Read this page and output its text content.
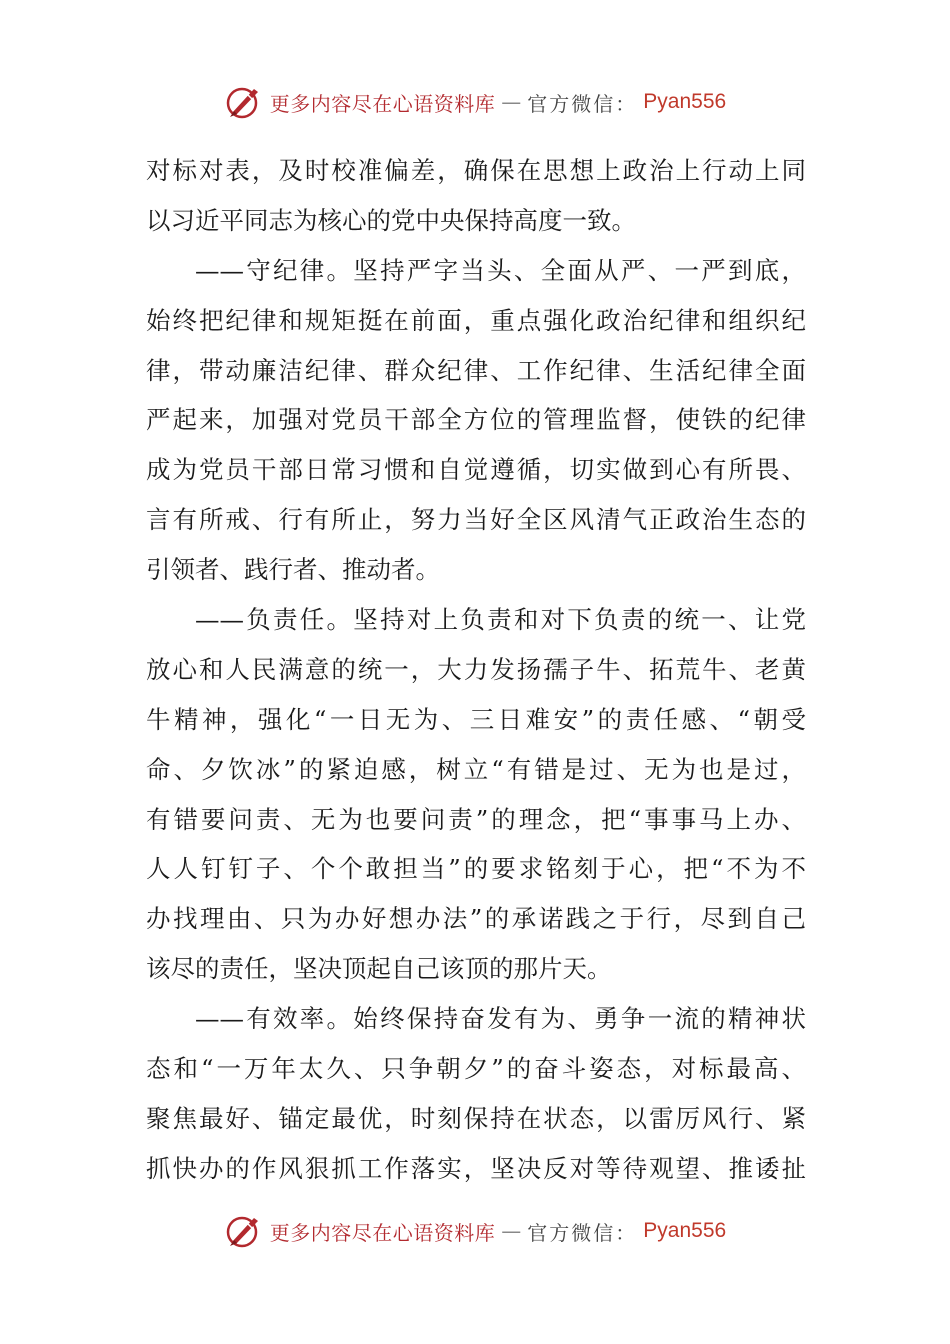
更多内容尽在心语资料库 — 官方微信： Pyan556
对标对表，及时校准偏差，确保在思想上政治上行动上同
以习近平同志为核心的党中央保持高度一致。
——守纪律。坚持严字当头、全面从严、一严到底，
始终把纪律和规矩挺在前面，重点强化政治纪律和组织纪
律，带动廉洁纪律、群众纪律、工作纪律、生活纪律全面
严起来，加强对党员干部全方位的管理监督，使铁的纪律
成为党员干部日常习惯和自觉遵循，切实做到心有所畏、
言有所戒、行有所止，努力当好全区风清气正政治生态的
引领者、践行者、推动者。
——负责任。坚持对上负责和对下负责的统一、让党
放心和人民满意的统一，大力发扬孺子牛、拓荒牛、老黄
牛精神，强化“一日无为、三日难安”的责任感、“朝受
命、夕饮冰”的紧迫感，树立“有错是过、无为也是过，
有错要问责、无为也要问责”的理念，把“事事马上办、
人人钉钉子、个个敢担当”的要求铭刻于心，把“不为不
办找理由、只为办好想办法”的承诺践之于行，尽到自己
该尽的责任，坚决顶起自己该顶的那片天。
——有效率。始终保持奋发有为、勇争一流的精神状
态和“一万年太久、只争朝夕”的奋斗姿态，对标最高、
聚焦最好、锚定最优，时刻保持在状态，以雷厉风行、紧
抓快办的作风狠抓工作落实，坚决反对等待观望、推诿扯
更多内容尽在心语资料库 — 官方微信： Pyan556
